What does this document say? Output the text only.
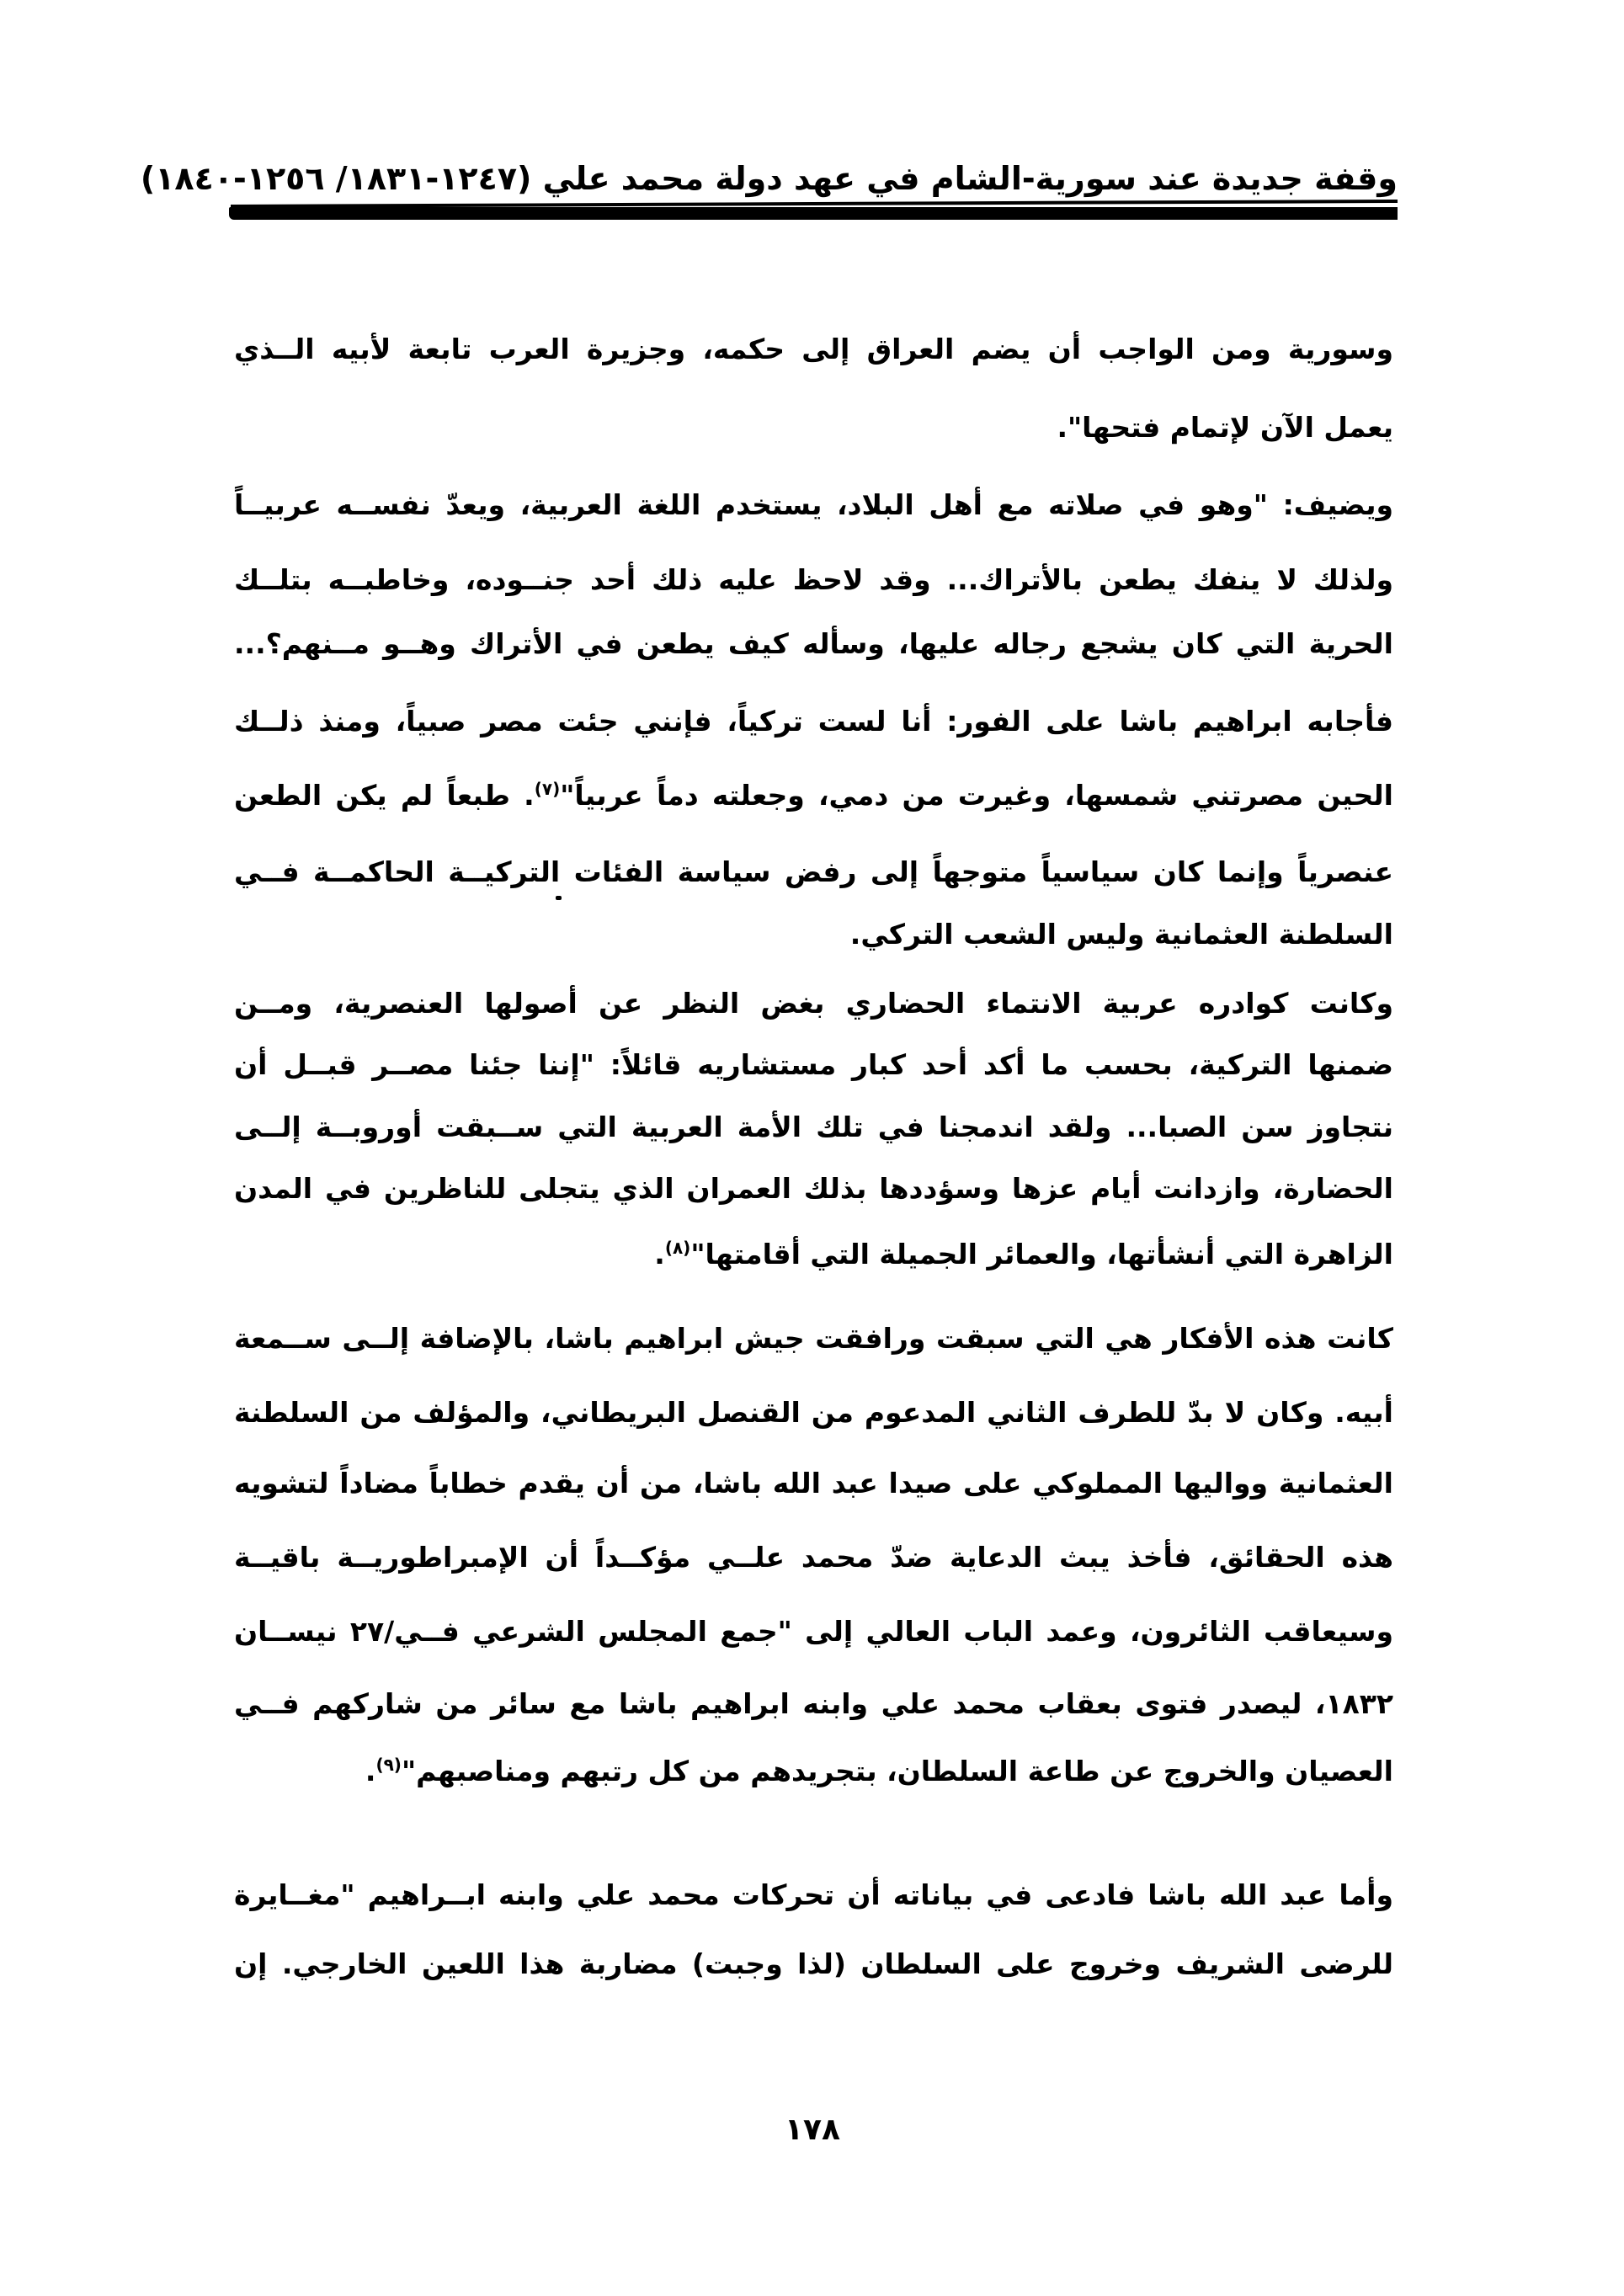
وقفة جديدة عند سورية-الشام في عهد دولة محمد علي (١٢٤٧-١٨٣١/ ١٢٥٦-١٨٤٠)
وسورية ومن الواجب أن يضم العراق إلى حكمه، وجزيرة العرب تابعة لأبيه الــذي
يعمل الآن لإتمام فتحها".
ويضيف: "وهو في صلاته مع أهل البلاد، يستخدم اللغة العربية، ويعدّ نفســه عربيــاً
ولذلك لا ينفك يطعن بالأتراك... وقد لاحظ عليه ذلك أحد جنــوده، وخاطبــه بتلــك
الحرية التي كان يشجع رجاله عليها، وسأله كيف يطعن في الأتراك وهــو مــنهم؟...
فأجابه ابراهيم باشا على الفور: أنا لست تركياً، فإنني جئت مصر صبياً، ومنذ ذلــك
الحين مصرتني شمسها، وغيرت من دمي، وجعلته دماً عربياً"$^{(٧)}$. طبعاً لم يكن الطعن
عنصرياً وإنما كان سياسياً متوجهاً إلى رفض سياسة الفئات التركيــة الحاكمــة فــي
السلطنة العثمانية وليس الشعب التركي.
وكانت كوادره عربية الانتماء الحضاري بغض النظر عن أصولها العنصرية، ومــن
ضمنها التركية، بحسب ما أكد أحد كبار مستشاريه قائلاً: "إننا جئنا مصــر قبــل أن
نتجاوز سن الصبا... ولقد اندمجنا في تلك الأمة العربية التي ســبقت أوروبــة إلــى
الحضارة، وازدانت أيام عزها وسؤددها بذلك العمران الذي يتجلى للناظرين في المدن
الزاهرة التي أنشأتها، والعمائر الجميلة التي أقامتها"$^{(٨)}$.
كانت هذه الأفكار هي التي سبقت ورافقت جيش ابراهيم باشا، بالإضافة إلــى ســمعة
أبيه. وكان لا بدّ للطرف الثاني المدعوم من القنصل البريطاني، والمؤلف من السلطنة
العثمانية وواليها المملوكي على صيدا عبد الله باشا، من أن يقدم خطاباً مضاداً لتشويه
هذه الحقائق، فأخذ يبث الدعاية ضدّ محمد علــي مؤكــداً أن الإمبراطوريــة باقيــة
وسيعاقب الثائرون، وعمد الباب العالي إلى "جمع المجلس الشرعي فــي/٢٧ نيســان
١٨٣٢، ليصدر فتوى بعقاب محمد علي وابنه ابراهيم باشا مع سائر من شاركهم فــي
العصيان والخروج عن طاعة السلطان، بتجريدهم من كل رتبهم ومناصبهم"$^{(٩)}$.
وأما عبد الله باشا فادعى في بياناته أن تحركات محمد علي وابنه ابــراهيم "مغــايرة
للرضى الشريف وخروج على السلطان (لذا وجبت) مضاربة هذا اللعين الخارجي. إن
١٧٨
